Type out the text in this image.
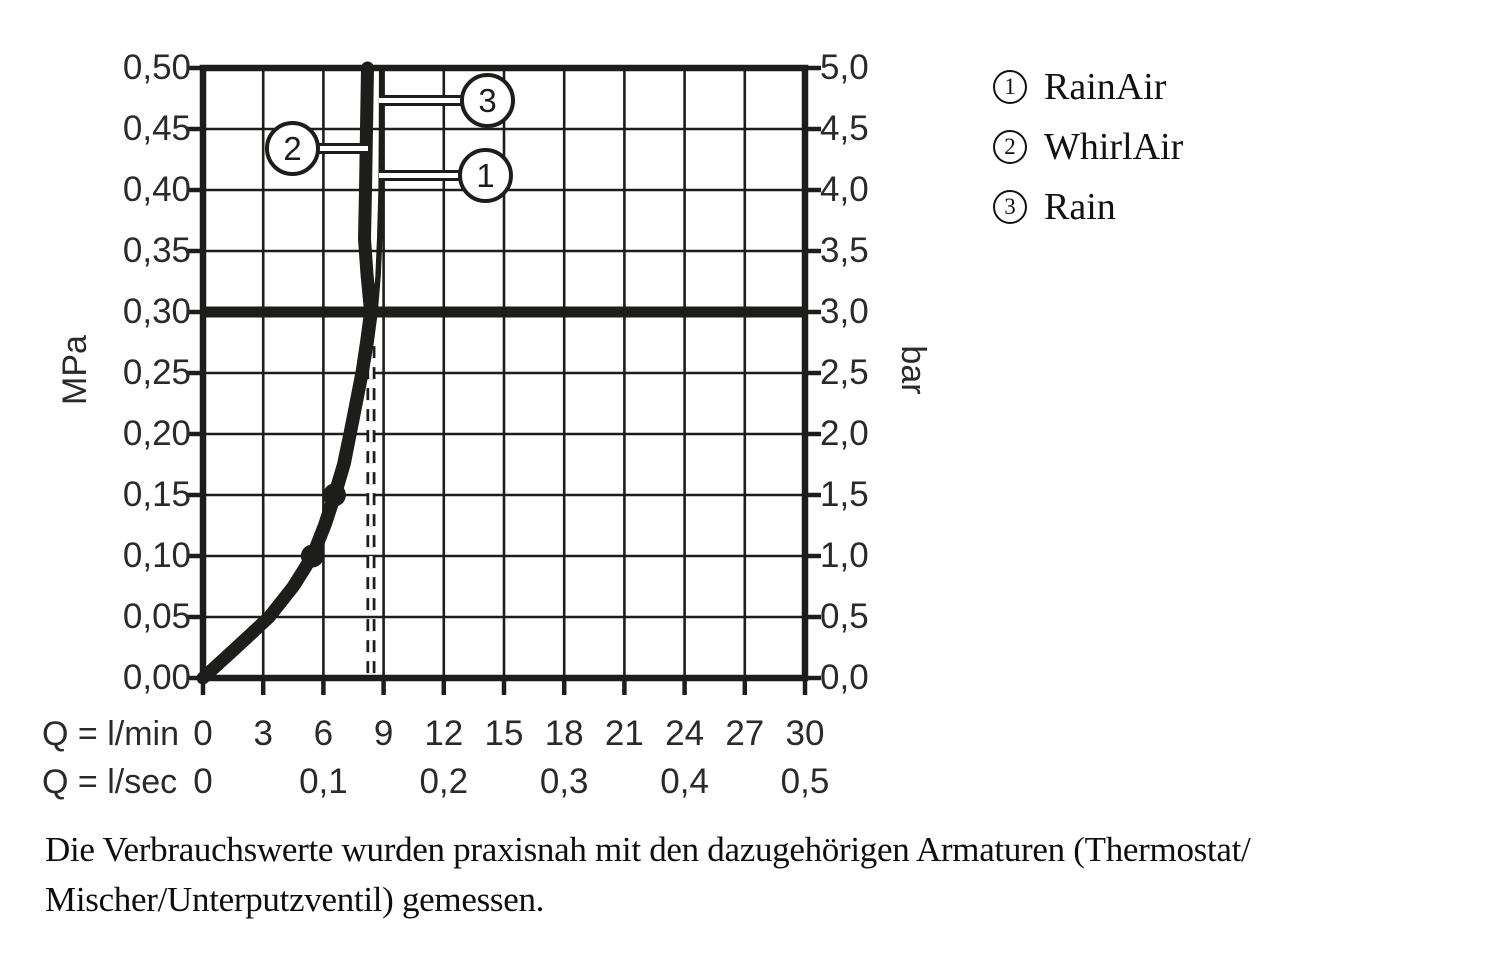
MPa	bar
2
3
1
1 RainAir
2 WhirlAir
3 Rain
Die Verbrauchswerte wurden praxisnah mit den dazugehörigen Armaturen (Thermostat/
Mischer/Unterputzventil) gemessen.
0,50
0,45
0,40
0,35
0,30
0,25
0,20
0,15
0,10
0,05
0,00
5,0
4,5
4,0
3,5
3,0
2,5
2,0
1,5
1,0
0,5
0,0
Q = l/min 0	3	6	9 12 15 18 21 24 27 30
Q = l/sec 0	0,1 0,2 0,3 0,4 0,5
